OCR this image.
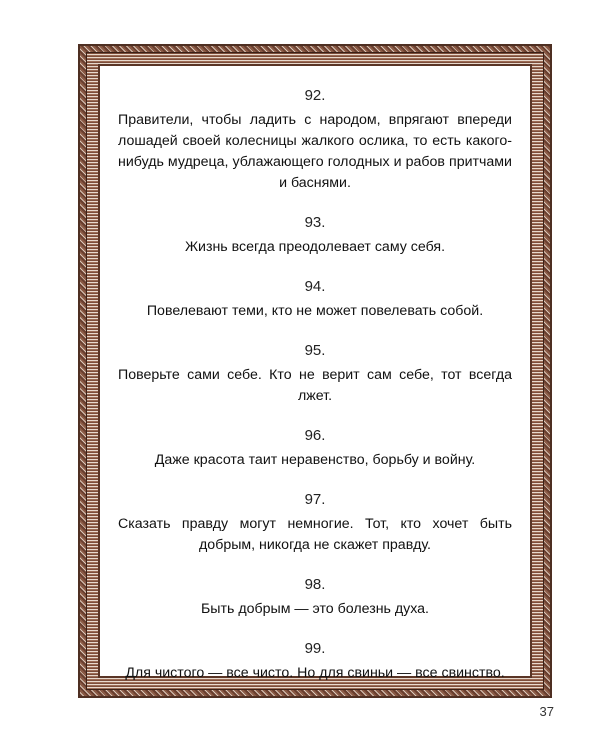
92.
Правители, чтобы ладить с народом, впрягают впереди лошадей своей колесницы жалкого ослика, то есть какого-нибудь мудреца, ублажающего голодных и рабов притчами и баснями.
93.
Жизнь всегда преодолевает саму себя.
94.
Повелевают теми, кто не может повелевать собой.
95.
Поверьте сами себе. Кто не верит сам себе, тот всегда лжет.
96.
Даже красота таит неравенство, борьбу и войну.
97.
Сказать правду могут немногие. Тот, кто хочет быть добрым, никогда не скажет правду.
98.
Быть добрым — это болезнь духа.
99.
Для чистого — все чисто. Но для свиньи — все свинство.
37
